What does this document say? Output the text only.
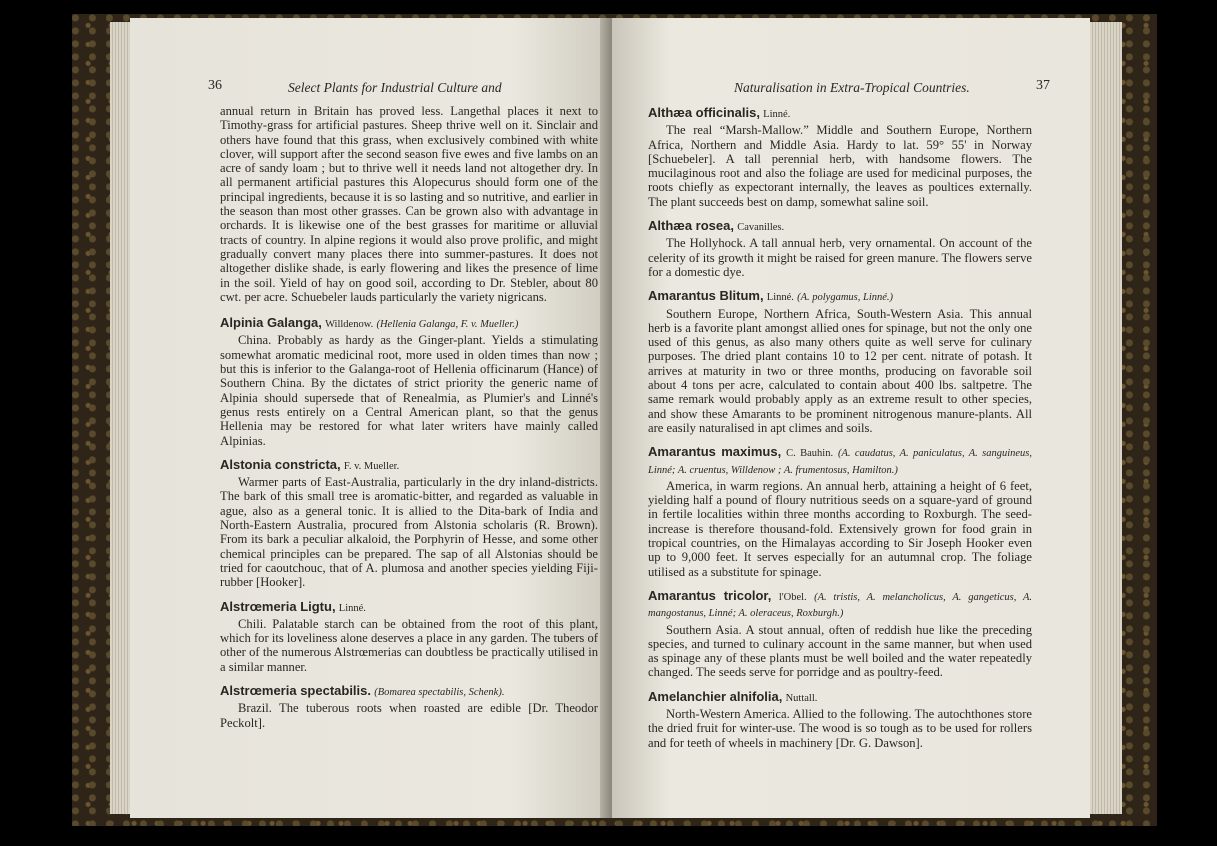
36	Select Plants for Industrial Culture and

annual return in Britain has proved less. Langethal places it next to Timothy-grass for artificial pastures. Sheep thrive well on it. Sinclair and others have found that this grass, when exclusively combined with white clover, will support after the second season five ewes and five lambs on an acre of sandy loam ; but to thrive well it needs land not altogether dry. In all permanent artificial pastures this Alopecurus should form one of the principal ingredients, because it is so lasting and so nutritive, and earlier in the season than most other grasses. Can be grown also with advantage in orchards. It is likewise one of the best grasses for maritime or alluvial tracts of country. In alpine regions it would also prove prolific, and might gradually convert many places there into summer-pastures. It does not altogether dislike shade, is early flowering and likes the presence of lime in the soil. Yield of hay on good soil, according to Dr. Stebler, about 80 cwt. per acre. Schuebeler lauds particularly the variety nigricans.

Alpinia Galanga, Willdenow. (Hellenia Galanga, F. v. Mueller.)

China. Probably as hardy as the Ginger-plant. Yields a stimulating somewhat aromatic medicinal root, more used in olden times than now ; but this is inferior to the Galanga-root of Hellenia officinarum (Hance) of Southern China. By the dictates of strict priority the generic name of Alpinia should supersede that of Renealmia, as Plumier's and Linné's genus rests entirely on a Central American plant, so that the genus Hellenia may be restored for what later writers have mainly called Alpinias.

Alstonia constricta, F. v. Mueller.

Warmer parts of East-Australia, particularly in the dry inland-districts. The bark of this small tree is aromatic-bitter, and regarded as valuable in ague, also as a general tonic. It is allied to the Dita-bark of India and North-Eastern Australia, procured from Alstonia scholaris (R. Brown). From its bark a peculiar alkaloid, the Porphyrin of Hesse, and some other chemical principles can be prepared. The sap of all Alstonias should be tried for caoutchouc, that of A. plumosa and another species yielding Fiji-rubber [Hooker].

Alstrœmeria Ligtu, Linné.

Chili. Palatable starch can be obtained from the root of this plant, which for its loveliness alone deserves a place in any garden. The tubers of other of the numerous Alstrœmerias can doubtless be practically utilised in a similar manner.

Alstrœmeria spectabilis. (Bomarea spectabilis, Schenk).

Brazil. The tuberous roots when roasted are edible [Dr. Theodor Peckolt].

Naturalisation in Extra-Tropical Countries.	37
Althæa officinalis, Linné.

The real “Marsh-Mallow.” Middle and Southern Europe, Northern Africa, Northern and Middle Asia. Hardy to lat. 59° 55' in Norway [Schuebeler]. A tall perennial herb, with handsome flowers. The mucilaginous root and also the foliage are used for medicinal purposes, the roots chiefly as expectorant internally, the leaves as poultices externally. The plant succeeds best on damp, somewhat saline soil.

Althæa rosea, Cavanilles.

The Hollyhock. A tall annual herb, very ornamental. On account of the celerity of its growth it might be raised for green manure. The flowers serve for a domestic dye.

Amarantus Blitum, Linné. (A. polygamus, Linné.)

Southern Europe, Northern Africa, South-Western Asia. This annual herb is a favorite plant amongst allied ones for spinage, but not the only one used of this genus, as also many others quite as well serve for culinary purposes. The dried plant contains 10 to 12 per cent. nitrate of potash. It arrives at maturity in two or three months, producing on favorable soil about 4 tons per acre, calculated to contain about 400 lbs. saltpetre. The same remark would probably apply as an extreme result to other species, and show these Amarants to be prominent nitrogenous manure-plants. All are easily naturalised in apt climes and soils.

Amarantus maximus, C. Bauhin. (A. caudatus, A. paniculatus, A. sanguineus, Linné; A. cruentus, Willdenow ; A. frumentosus, Hamilton.)

America, in warm regions. An annual herb, attaining a height of 6 feet, yielding half a pound of floury nutritious seeds on a square-yard of ground in fertile localities within three months according to Roxburgh. The seed-increase is therefore thousand-fold. Extensively grown for food grain in tropical countries, on the Himalayas according to Sir Joseph Hooker even up to 9,000 feet. It serves especially for an autumnal crop. The foliage utilised as a substitute for spinage.

Amarantus tricolor, l'Obel. (A. tristis, A. melancholicus, A. gangeticus, A. mangostanus, Linné; A. oleraceus, Roxburgh.)

Southern Asia. A stout annual, often of reddish hue like the preceding species, and turned to culinary account in the same manner, but when used as spinage any of these plants must be well boiled and the water repeatedly changed. The seeds serve for porridge and as poultry-feed.

Amelanchier alnifolia, Nuttall.

North-Western America. Allied to the following. The autochthones store the dried fruit for winter-use. The wood is so tough as to be used for rollers and for teeth of wheels in machinery [Dr. G. Dawson].
